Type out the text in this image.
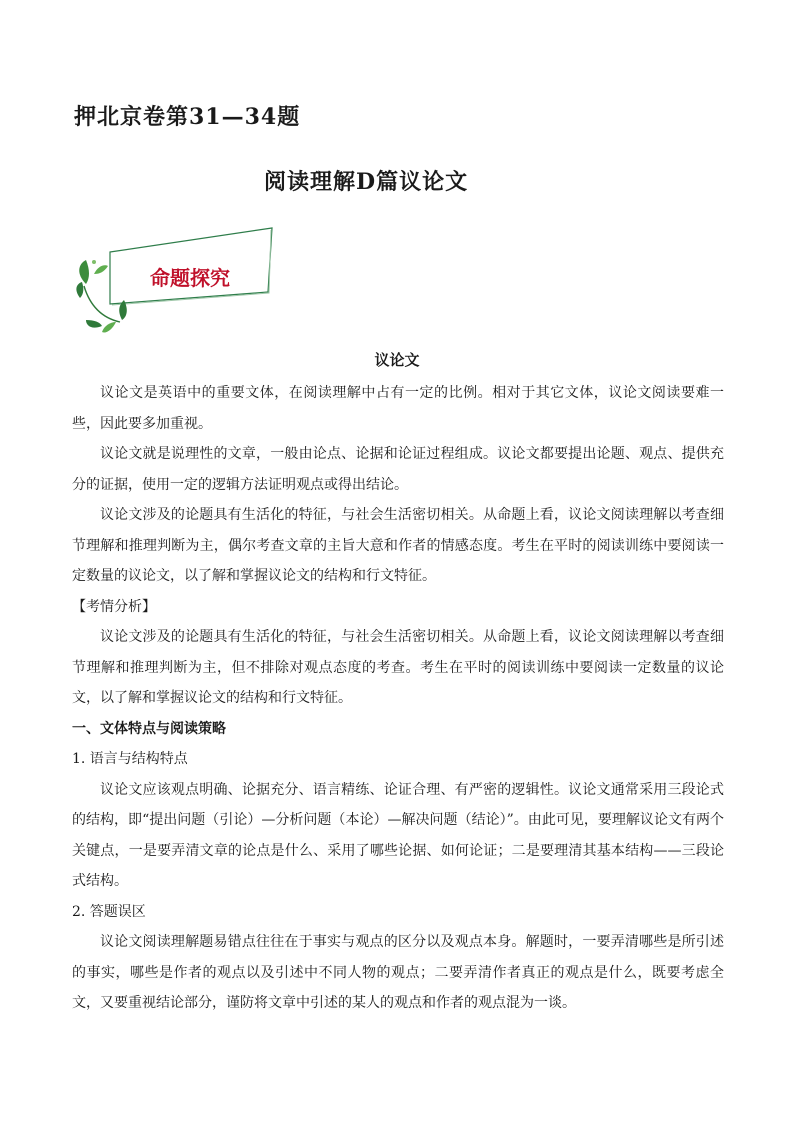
押北京卷第31—34题
阅读理解D篇议论文
命题探究
议论文

议论文是英语中的重要文体，在阅读理解中占有一定的比例。相对于其它文体，议论文阅读要难一些，因此要多加重视。

议论文就是说理性的文章，一般由论点、论据和论证过程组成。议论文都要提出论题、观点、提供充分的证据，使用一定的逻辑方法证明观点或得出结论。

议论文涉及的论题具有生活化的特征，与社会生活密切相关。从命题上看，议论文阅读理解以考查细节理解和推理判断为主，偶尔考查文章的主旨大意和作者的情感态度。考生在平时的阅读训练中要阅读一定数量的议论文，以了解和掌握议论文的结构和行文特征。

【考情分析】

议论文涉及的论题具有生活化的特征，与社会生活密切相关。从命题上看，议论文阅读理解以考查细节理解和推理判断为主，但不排除对观点态度的考查。考生在平时的阅读训练中要阅读一定数量的议论文，以了解和掌握议论文的结构和行文特征。

一、文体特点与阅读策略

1. 语言与结构特点

议论文应该观点明确、论据充分、语言精练、论证合理、有严密的逻辑性。议论文通常采用三段论式的结构，即“提出问题（引论）—分析问题（本论）—解决问题（结论）”。由此可见，要理解议论文有两个关键点，一是要弄清文章的论点是什么、采用了哪些论据、如何论证；二是要理清其基本结构——三段论式结构。

2. 答题误区

议论文阅读理解题易错点往往在于事实与观点的区分以及观点本身。解题时，一要弄清哪些是所引述的事实，哪些是作者的观点以及引述中不同人物的观点；二要弄清作者真正的观点是什么，既要考虑全文，又要重视结论部分，谨防将文章中引述的某人的观点和作者的观点混为一谈。
